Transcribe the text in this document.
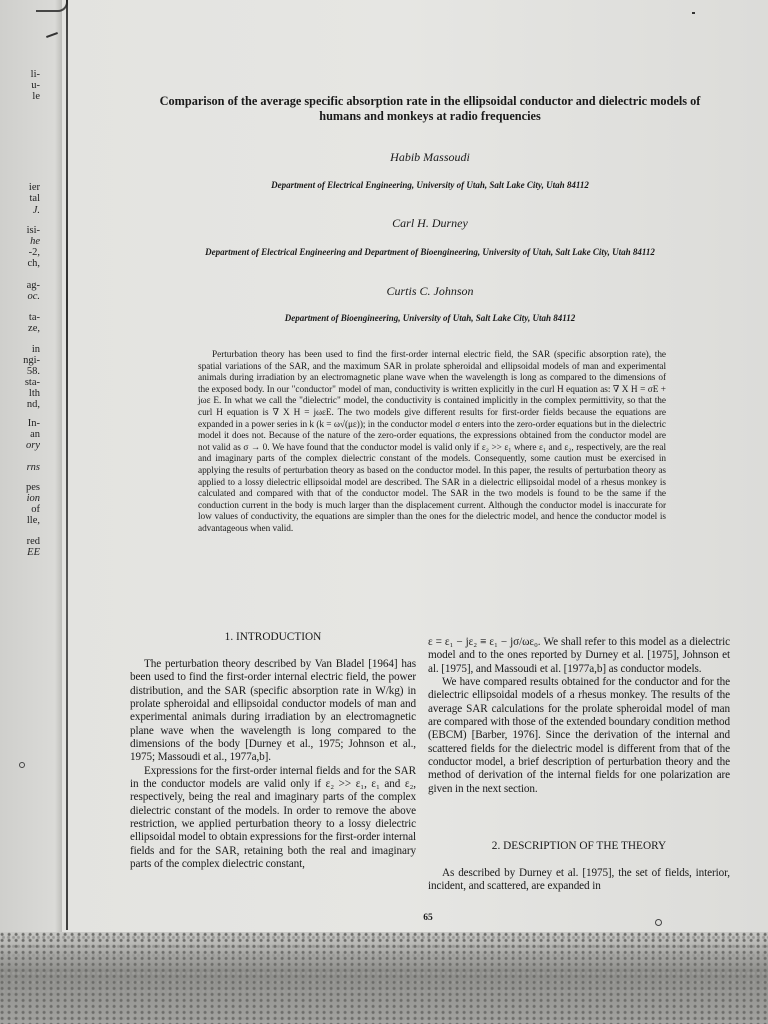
li-
u-
le
ier
tal
J.
isi-
he
-2,
ch,
ag-
oc.
ta-
ze,
in
ngi-
58.
sta-
lth
nd,
In-
an
ory
rns
pes
ion
of
lle,
red
EE
Comparison of the average specific absorption rate in the ellipsoidal conductor and dielectric models of humans and monkeys at radio frequencies
Habib Massoudi
Department of Electrical Engineering, University of Utah, Salt Lake City, Utah 84112
Carl H. Durney
Department of Electrical Engineering and Department of Bioengineering, University of Utah, Salt Lake City, Utah 84112
Curtis C. Johnson
Department of Bioengineering, University of Utah, Salt Lake City, Utah 84112
Perturbation theory has been used to find the first-order internal electric field, the SAR (specific absorption rate), the spatial variations of the SAR, and the maximum SAR in prolate spheroidal and ellipsoidal models of man and experimental animals during irradiation by an electromagnetic plane wave when the wavelength is long as compared to the dimensions of the exposed body. In our "conductor" model of man, conductivity is written explicitly in the curl H equation as: ∇ X H = σE + jωε E. In what we call the "dielectric" model, the conductivity is contained implicitly in the complex permittivity, so that the curl H equation is ∇ X H = jωεE. The two models give different results for first-order fields because the equations are expanded in a power series in k (k = ω√(με)); in the conductor model σ enters into the zero-order equations but in the dielectric model it does not. Because of the nature of the zero-order equations, the expressions obtained from the conductor model are not valid as σ → 0. We have found that the conductor model is valid only if ε₂ >> ε₁ where ε₁ and ε₂, respectively, are the real and imaginary parts of the complex dielectric constant of the models. Consequently, some caution must be exercised in applying the results of perturbation theory as based on the conductor model. In this paper, the results of perturbation theory as applied to a lossy dielectric ellipsoidal model are described. The SAR in a dielectric ellipsoidal model of a rhesus monkey is calculated and compared with that of the conductor model. The SAR in the two models is found to be the same if the conduction current in the body is much larger than the displacement current. Although the conductor model is inaccurate for low values of conductivity, the equations are simpler than the ones for the dielectric model, and hence the conductor model is advantageous when valid.
1. INTRODUCTION

The perturbation theory described by Van Bladel [1964] has been used to find the first-order internal electric field, the power distribution, and the SAR (specific absorption rate in W/kg) in prolate spheroidal and ellipsoidal conductor models of man and experimental animals during irradiation by an electromagnetic plane wave when the wavelength is long compared to the dimensions of the body [Durney et al., 1975; Johnson et al., 1975; Massoudi et al., 1977a,b].

Expressions for the first-order internal fields and for the SAR in the conductor models are valid only if ε₂ >> ε₁, ε₁ and ε₂, respectively, being the real and imaginary parts of the complex dielectric constant of the models. In order to remove the above restriction, we applied perturbation theory to a lossy dielectric ellipsoidal model to obtain expressions for the first-order internal fields and for the SAR, retaining both the real and imaginary parts of the complex dielectric constant,

ε = ε₁ − jε₂ ≡ ε₁ − jσ/ωε₀. We shall refer to this model as a dielectric model and to the ones reported by Durney et al. [1975], Johnson et al. [1975], and Massoudi et al. [1977a,b] as conductor models.

We have compared results obtained for the conductor and for the dielectric ellipsoidal models of a rhesus monkey. The results of the average SAR calculations for the prolate spheroidal model of man are compared with those of the extended boundary condition method (EBCM) [Barber, 1976]. Since the derivation of the internal and scattered fields for the dielectric model is different from that of the conductor model, a brief description of perturbation theory and the method of derivation of the internal fields for one polarization are given in the next section.

2. DESCRIPTION OF THE THEORY

As described by Durney et al. [1975], the set of fields, interior, incident, and scattered, are expanded in

65
